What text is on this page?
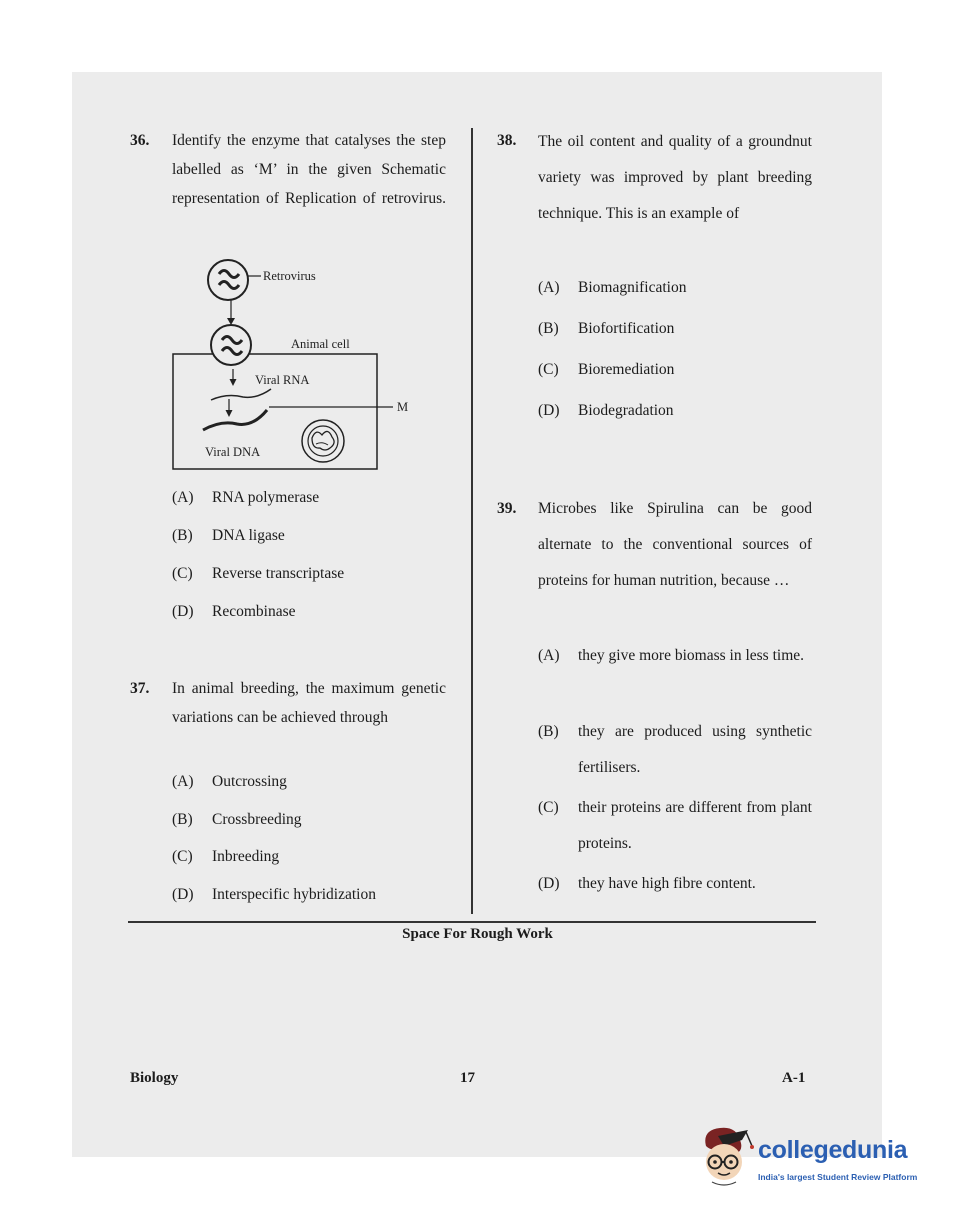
36. Identify the enzyme that catalyses the step labelled as ‘M’ in the given Schematic representation of Replication of retrovirus.
Retrovirus
Animal cell
Viral RNA
M
Viral DNA
(A) RNA polymerase
(B) DNA ligase
(C) Reverse transcriptase
(D) Recombinase
37. In animal breeding, the maximum genetic variations can be achieved through
(A) Outcrossing
(B) Crossbreeding
(C) Inbreeding
(D) Interspecific hybridization
38. The oil content and quality of a groundnut variety was improved by plant breeding technique. This is an example of
(A) Biomagnification
(B) Biofortification
(C) Bioremediation
(D) Biodegradation
39. Microbes like Spirulina can be good alternate to the conventional sources of proteins for human nutrition, because …
(A) they give more biomass in less time.
(B) they are produced using synthetic fertilisers.
(C) their proteins are different from plant proteins.
(D) they have high fibre content.
Space For Rough Work
Biology	17	A-1
collegedunia
India's largest Student Review Platform
